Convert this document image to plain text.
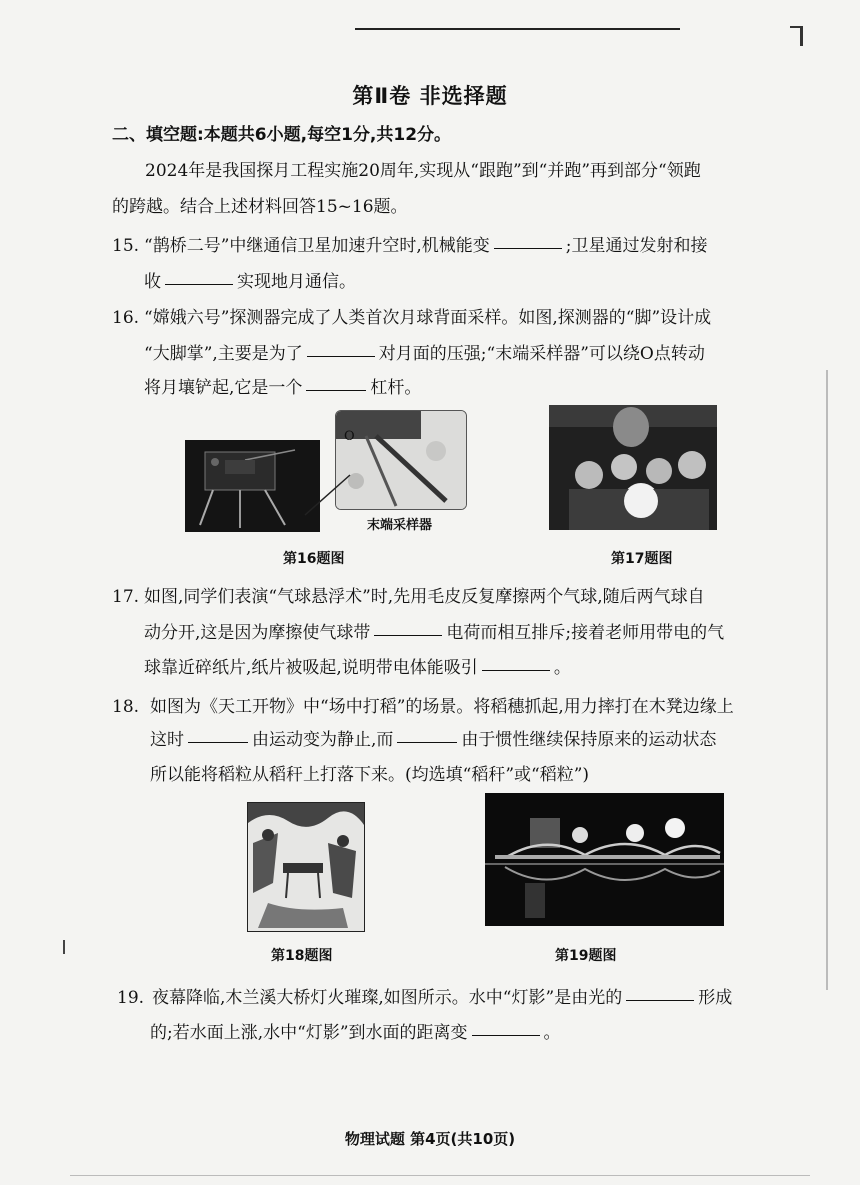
第Ⅱ卷 非选择题
二、填空题:本题共6小题,每空1分,共12分。
2024年是我国探月工程实施20周年,实现从“跟跑”到“并跑”再到部分“领跑
的跨越。结合上述材料回答15~16题。
15. “鹊桥二号”中继通信卫星加速升空时,机械能变	;卫星通过发射和接
收	实现地月通信。
16. “嫦娥六号”探测器完成了人类首次月球背面采样。如图,探测器的“脚”设计成
“大脚掌”,主要是为了	对月面的压强;“末端采样器”可以绕O点转动
将月壤铲起,它是一个	杠杆。
O
末端采样器
第16题图	第17题图
17. 如图,同学们表演“气球悬浮术”时,先用毛皮反复摩擦两个气球,随后两气球自
动分开,这是因为摩擦使气球带	电荷而相互排斥;接着老师用带电的气
球靠近碎纸片,纸片被吸起,说明带电体能吸引	。
18. 如图为《天工开物》中“场中打稻”的场景。将稻穗抓起,用力摔打在木凳边缘上
这时	由运动变为静止,而	由于惯性继续保持原来的运动状态
所以能将稻粒从稻秆上打落下来。(均选填“稻秆”或“稻粒”)
第18题图	第19题图
19. 夜幕降临,木兰溪大桥灯火璀璨,如图所示。水中“灯影”是由光的	形成
的;若水面上涨,水中“灯影”到水面的距离变	。
物理试题 第4页(共10页)
